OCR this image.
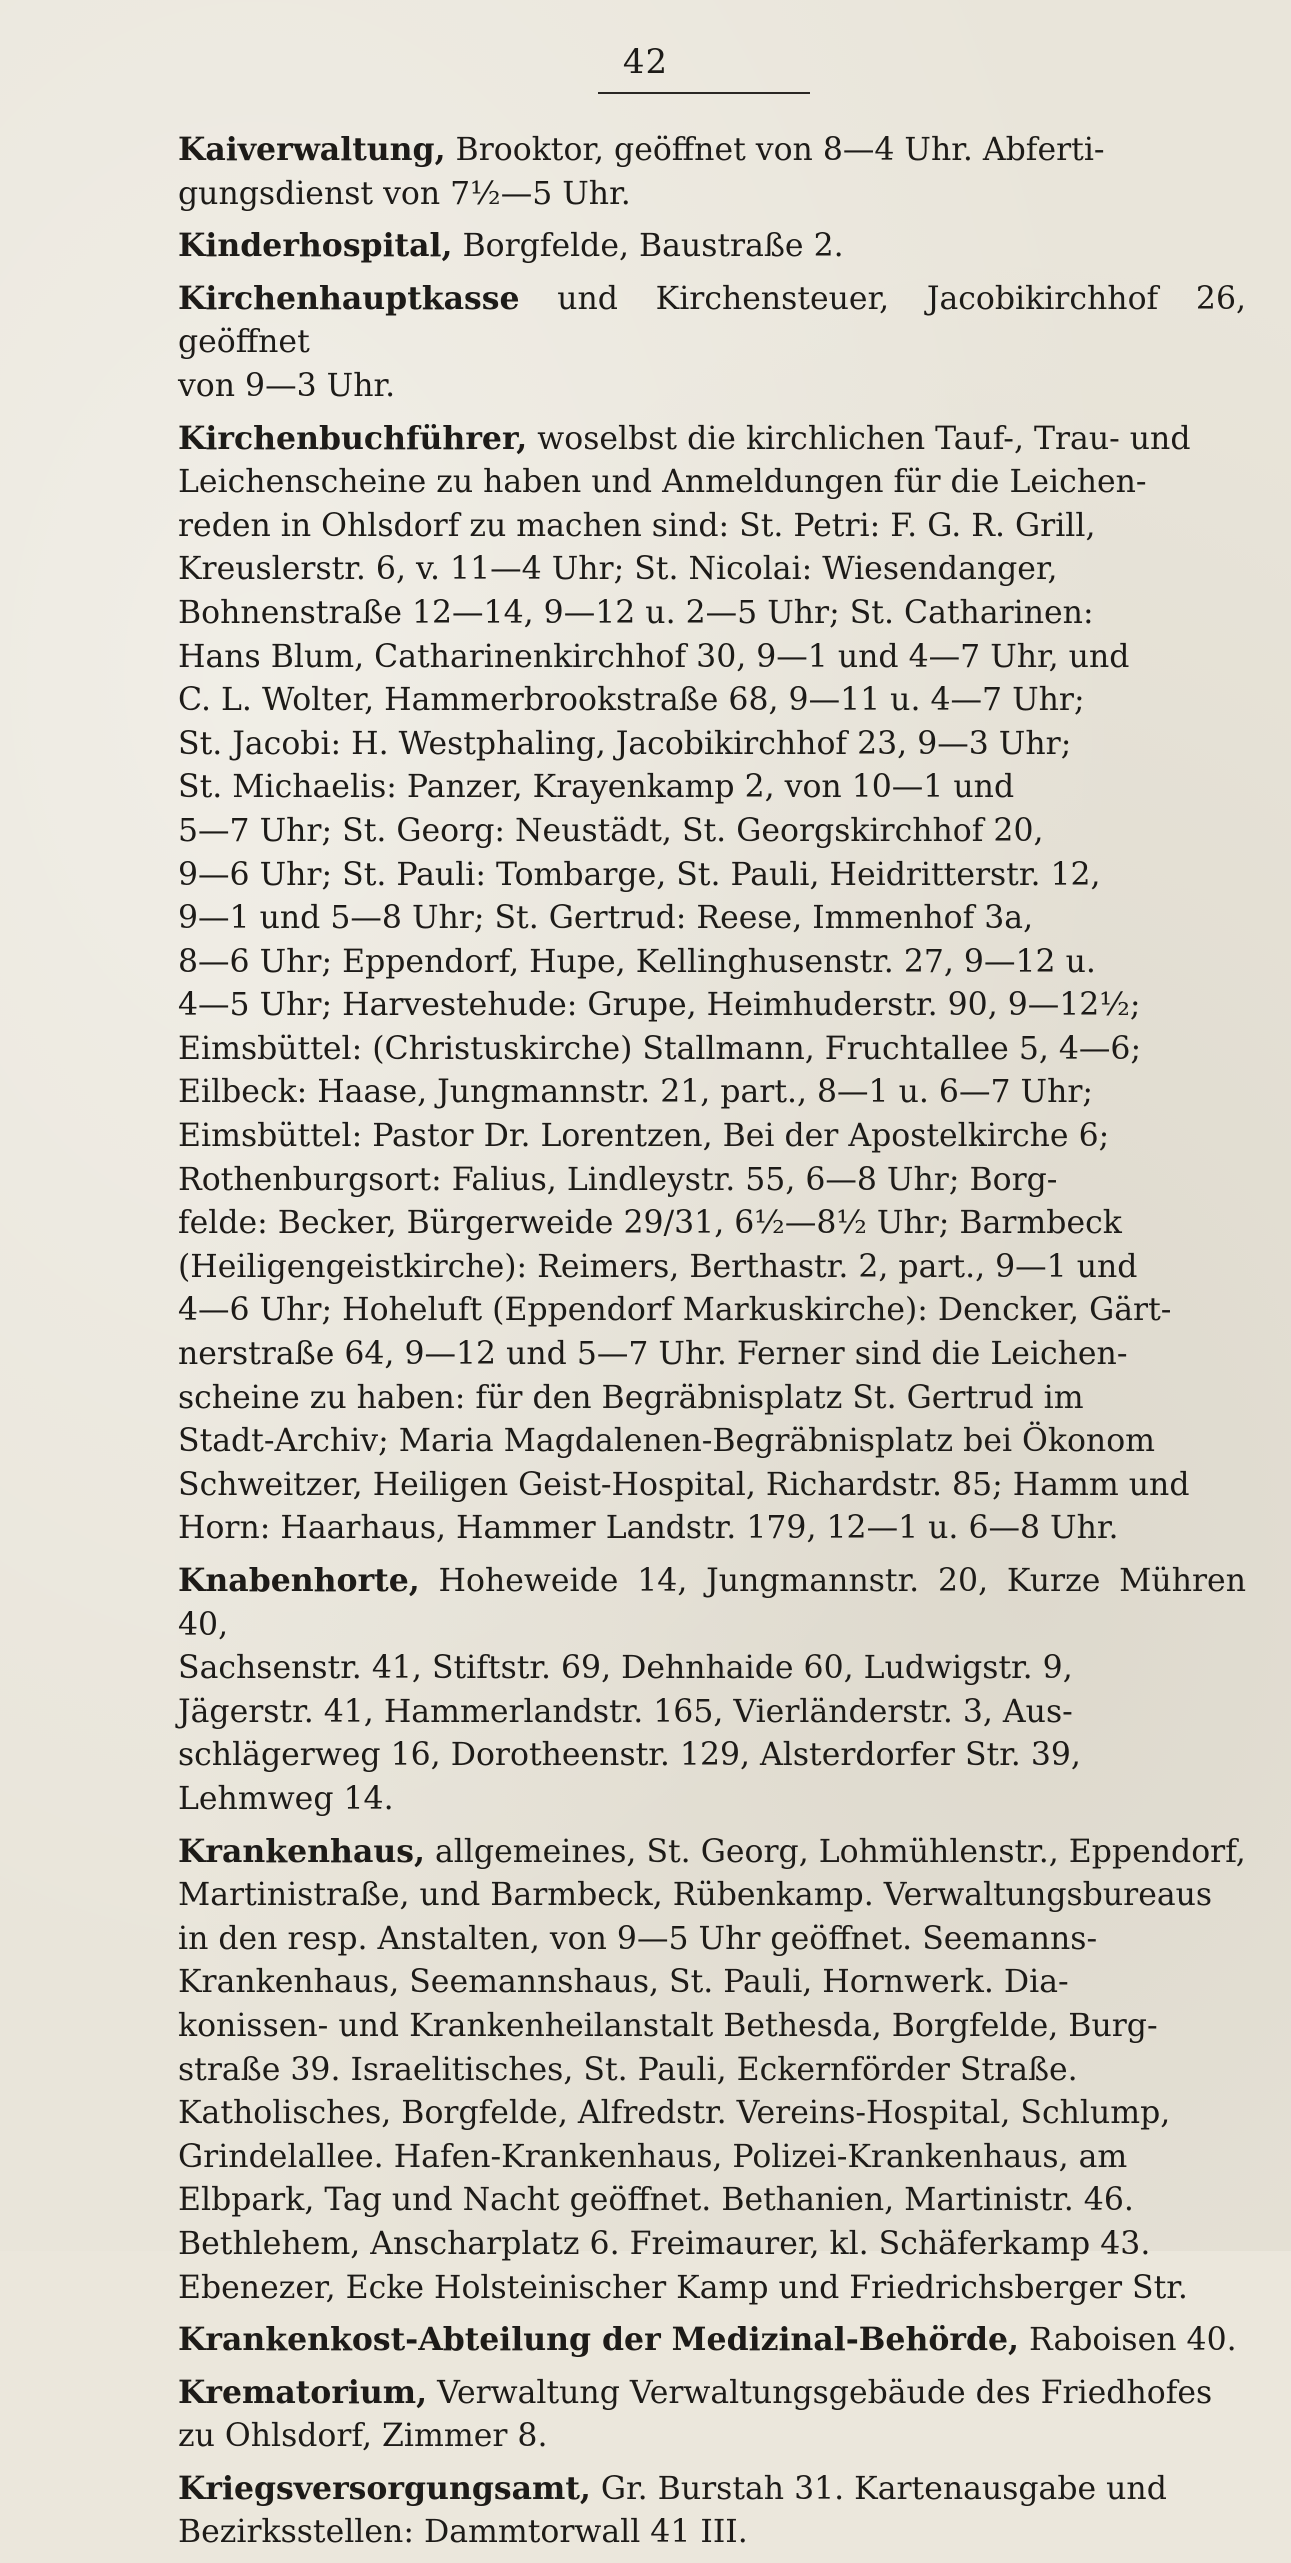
42

Kaiverwaltung, Brooktor, geöffnet von 8—4 Uhr. Abferti-
gungsdienst von 7½—5 Uhr.

Kinderhospital, Borgfelde, Baustraße 2.

Kirchenhauptkasse und Kirchensteuer, Jacobikirchhof 26, geöffnet
von 9—3 Uhr.

Kirchenbuchführer, woselbst die kirchlichen Tauf-, Trau- und
Leichenscheine zu haben und Anmeldungen für die Leichen-
reden in Ohlsdorf zu machen sind: St. Petri: F. G. R. Grill,
Kreuslerstr. 6, v. 11—4 Uhr; St. Nicolai: Wiesendanger,
Bohnenstraße 12—14, 9—12 u. 2—5 Uhr; St. Catharinen:
Hans Blum, Catharinenkirchhof 30, 9—1 und 4—7 Uhr, und
C. L. Wolter, Hammerbrookstraße 68, 9—11 u. 4—7 Uhr;
St. Jacobi: H. Westphaling, Jacobikirchhof 23, 9—3 Uhr;
St. Michaelis: Panzer, Krayenkamp 2, von 10—1 und
5—7 Uhr; St. Georg: Neustädt, St. Georgskirchhof 20,
9—6 Uhr; St. Pauli: Tombarge, St. Pauli, Heidritterstr. 12,
9—1 und 5—8 Uhr; St. Gertrud: Reese, Immenhof 3a,
8—6 Uhr; Eppendorf, Hupe, Kellinghusenstr. 27, 9—12 u.
4—5 Uhr; Harvestehude: Grupe, Heimhuderstr. 90, 9—12½;
Eimsbüttel: (Christuskirche) Stallmann, Fruchtallee 5, 4—6;
Eilbeck: Haase, Jungmannstr. 21, part., 8—1 u. 6—7 Uhr;
Eimsbüttel: Pastor Dr. Lorentzen, Bei der Apostelkirche 6;
Rothenburgsort: Falius, Lindleystr. 55, 6—8 Uhr; Borg-
felde: Becker, Bürgerweide 29/31, 6½—8½ Uhr; Barmbeck
(Heiligengeistkirche): Reimers, Berthastr. 2, part., 9—1 und
4—6 Uhr; Hoheluft (Eppendorf Markuskirche): Dencker, Gärt-
nerstraße 64, 9—12 und 5—7 Uhr. Ferner sind die Leichen-
scheine zu haben: für den Begräbnisplatz St. Gertrud im
Stadt-Archiv; Maria Magdalenen-Begräbnisplatz bei Ökonom
Schweitzer, Heiligen Geist-Hospital, Richardstr. 85; Hamm und
Horn: Haarhaus, Hammer Landstr. 179, 12—1 u. 6—8 Uhr.

Knabenhorte, Hoheweide 14, Jungmannstr. 20, Kurze Mühren 40,
Sachsenstr. 41, Stiftstr. 69, Dehnhaide 60, Ludwigstr. 9,
Jägerstr. 41, Hammerlandstr. 165, Vierländerstr. 3, Aus-
schlägerweg 16, Dorotheenstr. 129, Alsterdorfer Str. 39,
Lehmweg 14.

Krankenhaus, allgemeines, St. Georg, Lohmühlenstr., Eppendorf,
Martinistraße, und Barmbeck, Rübenkamp. Verwaltungsbureaus
in den resp. Anstalten, von 9—5 Uhr geöffnet. Seemanns-
Krankenhaus, Seemannshaus, St. Pauli, Hornwerk. Dia-
konissen- und Krankenheilanstalt Bethesda, Borgfelde, Burg-
straße 39. Israelitisches, St. Pauli, Eckernförder Straße.
Katholisches, Borgfelde, Alfredstr. Vereins-Hospital, Schlump,
Grindelallee. Hafen-Krankenhaus, Polizei-Krankenhaus, am
Elbpark, Tag und Nacht geöffnet. Bethanien, Martinistr. 46.
Bethlehem, Anscharplatz 6. Freimaurer, kl. Schäferkamp 43.
Ebenezer, Ecke Holsteinischer Kamp und Friedrichsberger Str.

Krankenkost-Abteilung der Medizinal-Behörde, Raboisen 40.

Krematorium, Verwaltung Verwaltungsgebäude des Friedhofes
zu Ohlsdorf, Zimmer 8.

Kriegsversorgungsamt, Gr. Burstah 31. Kartenausgabe und
Bezirksstellen: Dammtorwall 41 III.
